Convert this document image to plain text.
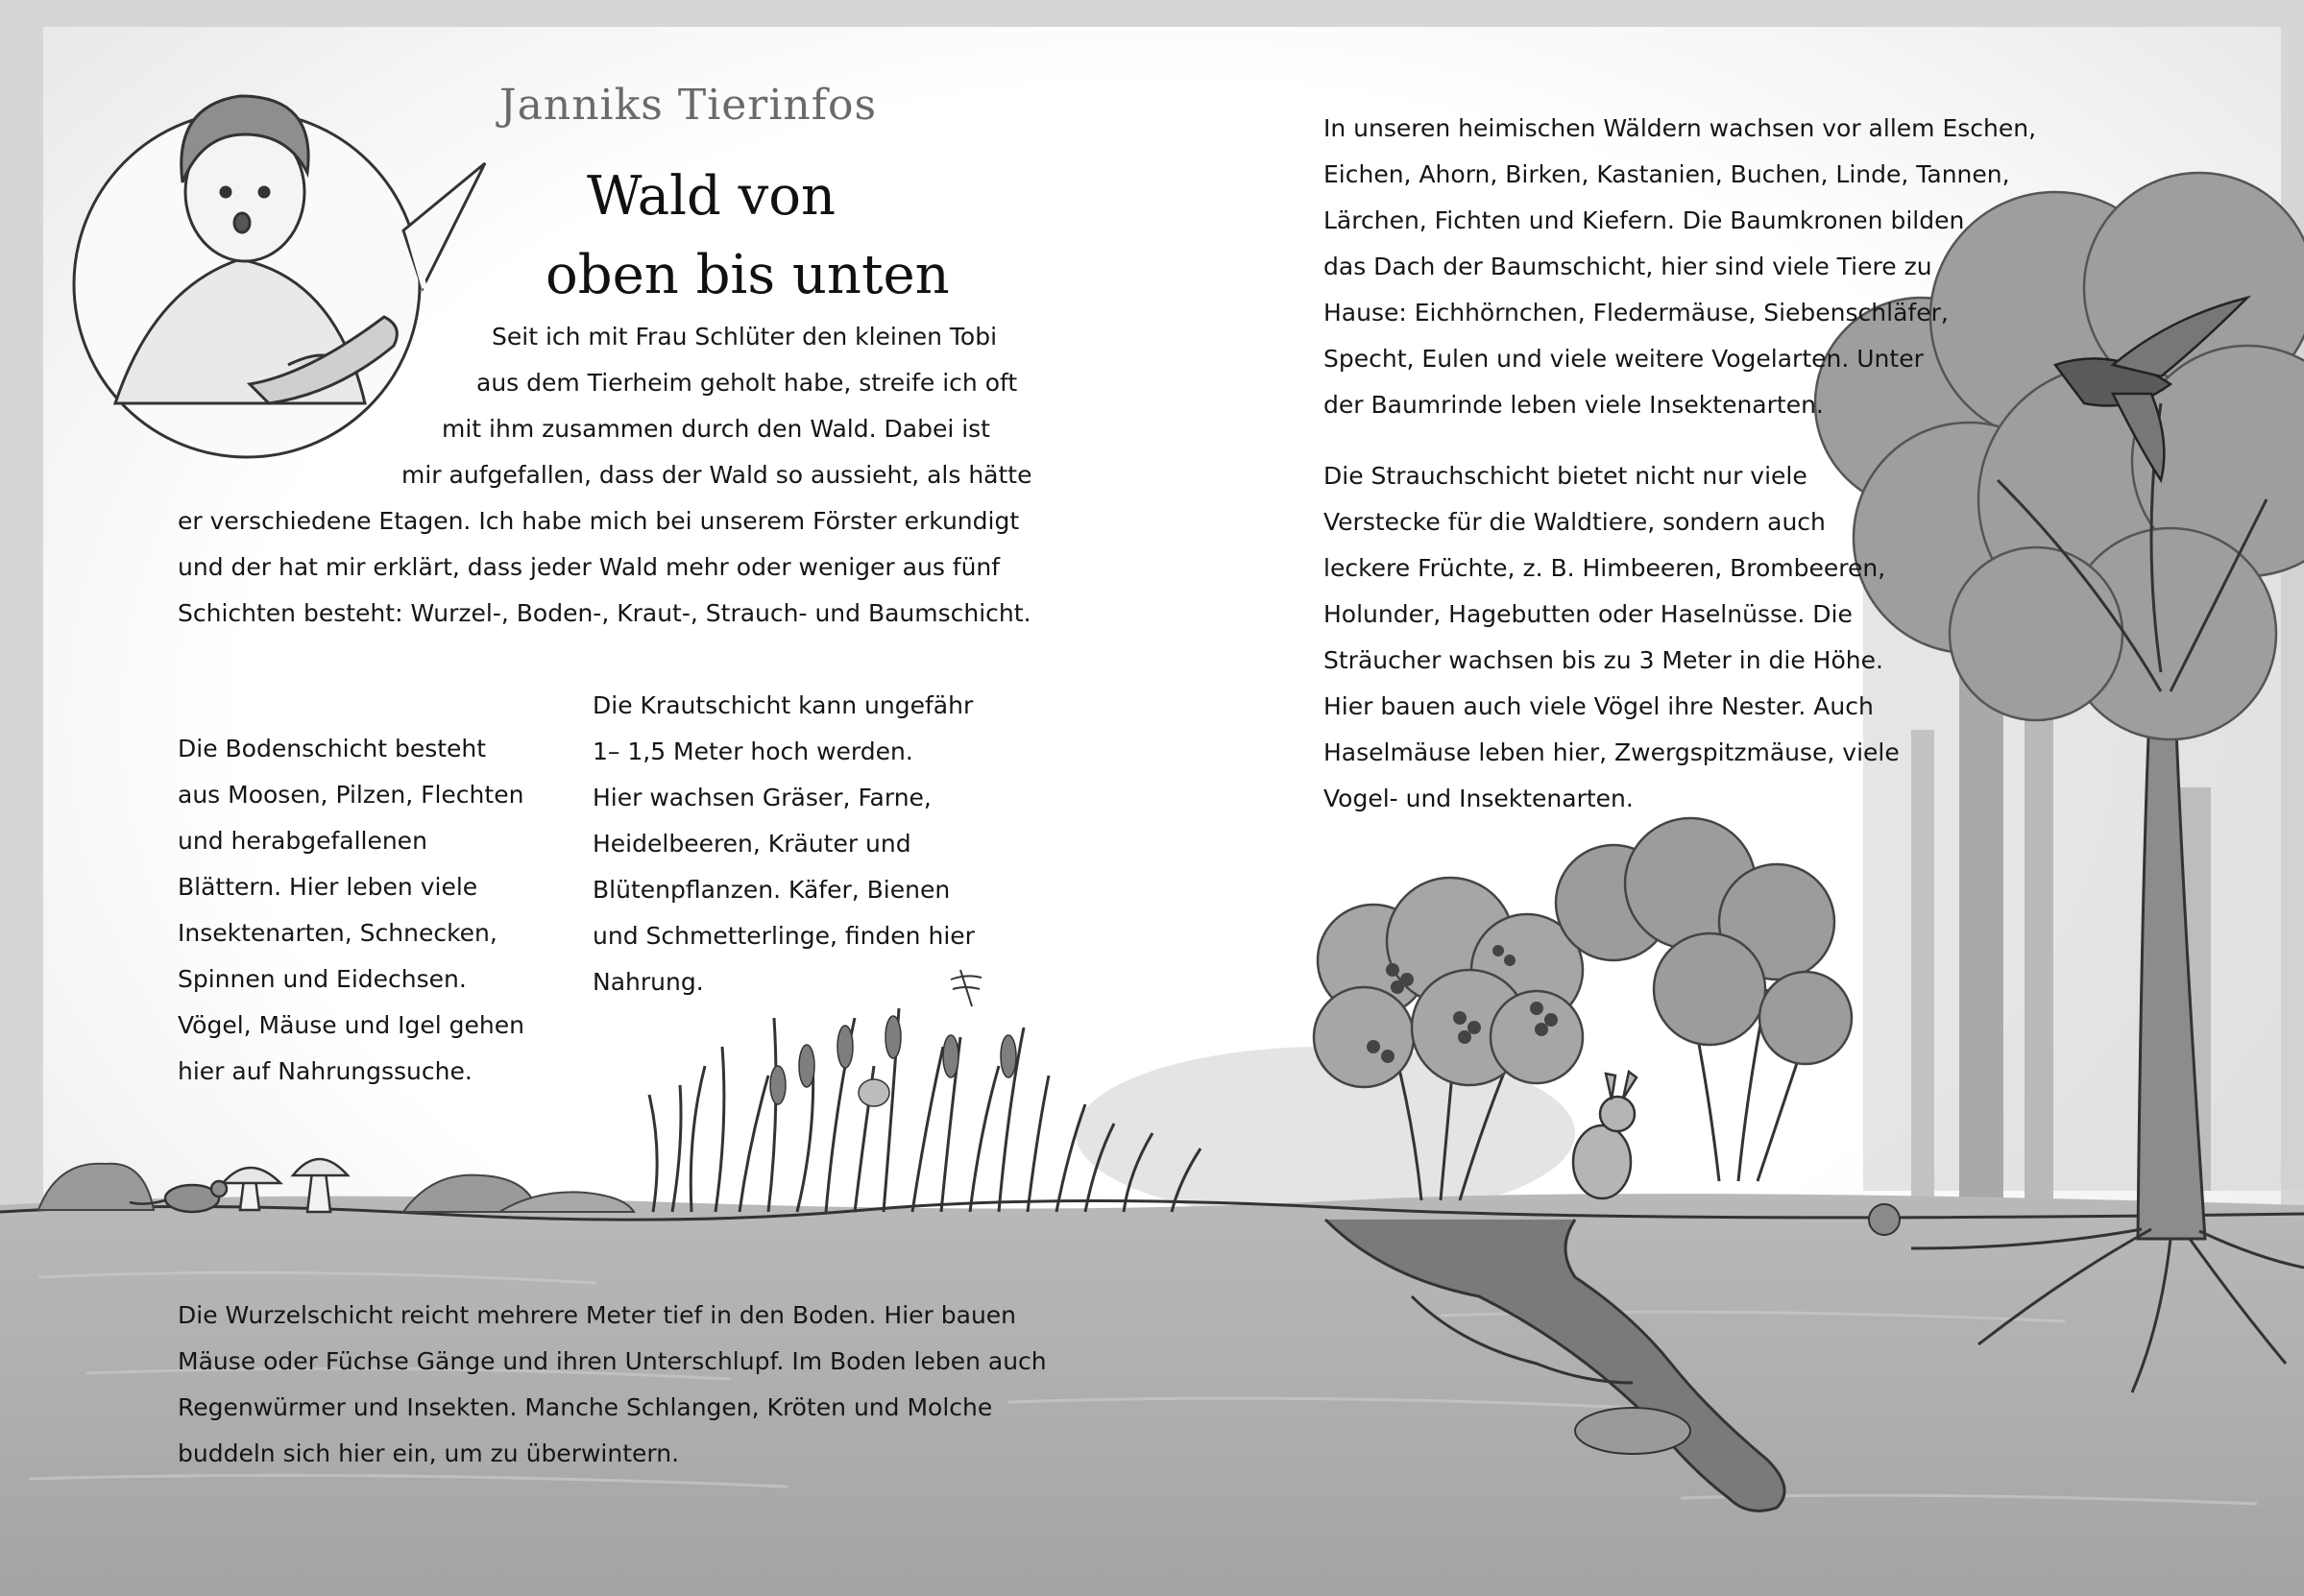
Janniks Tierinfos
Wald von
oben bis unten
Seit ich mit Frau Schlüter den kleinen Tobi
aus dem Tierheim geholt habe, streife ich oft
mit ihm zusammen durch den Wald. Dabei ist
mir aufgefallen, dass der Wald so aussieht, als hätte
er verschiedene Etagen. Ich habe mich bei unserem Förster erkundigt
und der hat mir erklärt, dass jeder Wald mehr oder weniger aus fünf
Schichten besteht: Wurzel-, Boden-, Kraut-, Strauch- und Baumschicht.
Die Bodenschicht besteht
aus Moosen, Pilzen, Flechten
und herabgefallenen
Blättern. Hier leben viele
Insektenarten, Schnecken,
Spinnen und Eidechsen.
Vögel, Mäuse und Igel gehen
hier auf Nahrungssuche.
Die Krautschicht kann ungefähr
1– 1,5 Meter hoch werden.
Hier wachsen Gräser, Farne,
Heidelbeeren, Kräuter und
Blütenpflanzen. Käfer, Bienen
und Schmetterlinge, finden hier
Nahrung.
Die Wurzelschicht reicht mehrere Meter tief in den Boden. Hier bauen
Mäuse oder Füchse Gänge und ihren Unterschlupf. Im Boden leben auch
Regenwürmer und Insekten. Manche Schlangen, Kröten und Molche
buddeln sich hier ein, um zu überwintern.
In unseren heimischen Wäldern wachsen vor allem Eschen,
Eichen, Ahorn, Birken, Kastanien, Buchen, Linde, Tannen,
Lärchen, Fichten und Kiefern. Die Baumkronen bilden
das Dach der Baumschicht, hier sind viele Tiere zu
Hause: Eichhörnchen, Fledermäuse, Siebenschläfer,
Specht, Eulen und viele weitere Vogelarten. Unter
der Baumrinde leben viele Insektenarten.
Die Strauchschicht bietet nicht nur viele
Verstecke für die Waldtiere, sondern auch
leckere Früchte, z. B. Himbeeren, Brombeeren,
Holunder, Hagebutten oder Haselnüsse. Die
Sträucher wachsen bis zu 3 Meter in die Höhe.
Hier bauen auch viele Vögel ihre Nester. Auch
Haselmäuse leben hier, Zwergspitzmäuse, viele
Vogel- und Insektenarten.
